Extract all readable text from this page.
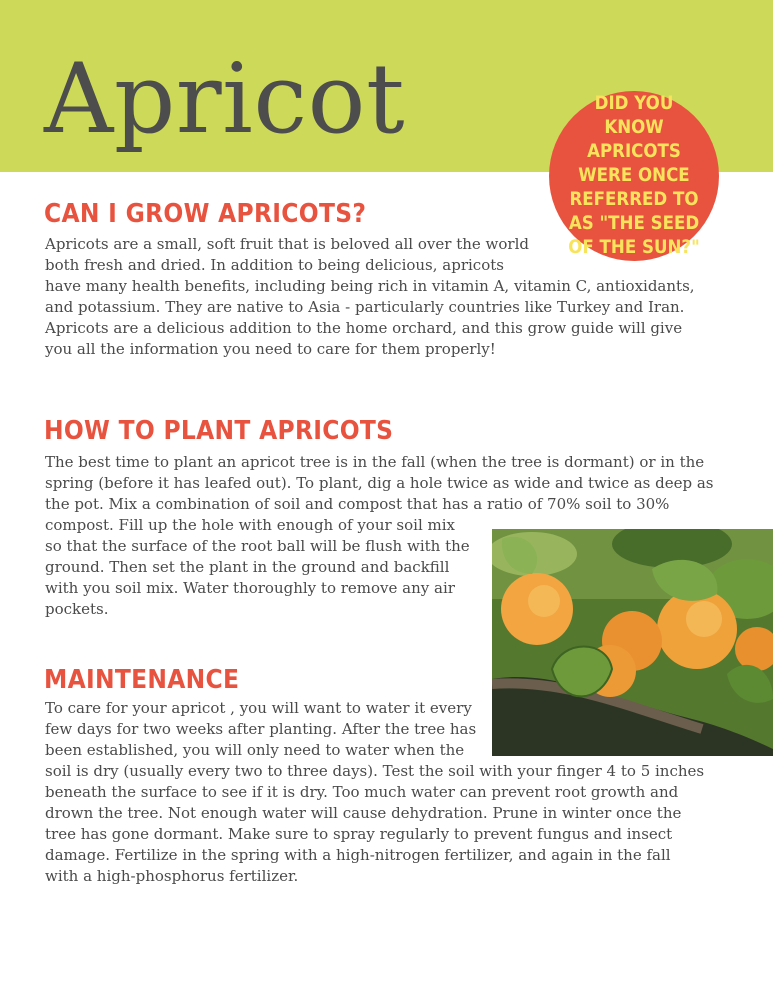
Apricot	DID YOU KNOW APRICOTS WERE ONCE REFERRED TO AS "THE SEED OF THE SUN?"
CAN I GROW APRICOTS?
Apricots are a small, soft fruit that is beloved all over the world
both fresh and dried. In addition to being delicious, apricots
have many health benefits, including being rich in vitamin A, vitamin C, antioxidants,
and potassium. They are native to Asia - particularly countries like Turkey and Iran.
Apricots are a delicious addition to the home orchard, and this grow guide will give
you all the information you need to care for them properly!
HOW TO PLANT APRICOTS
The best time to plant an apricot tree is in the fall (when the tree is dormant) or in the
spring (before it has leafed out). To plant, dig a hole twice as wide and twice as deep as
the pot. Mix a combination of soil and compost that has a ratio of 70% soil to 30%
compost. Fill up the hole with enough of your soil mix
so that the surface of the root ball will be flush with the
ground. Then set the plant in the ground and backfill
with you soil mix. Water thoroughly to remove any air
pockets.
MAINTENANCE
To care for your apricot , you will want to water it every
few days for two weeks after planting. After the tree has
been established, you will only need to water when the
soil is dry (usually every two to three days). Test the soil with your finger 4 to 5 inches
beneath the surface to see if it is dry. Too much water can prevent root growth and
drown the tree. Not enough water will cause dehydration. Prune in winter once the
tree has gone dormant. Make sure to spray regularly to prevent fungus and insect
damage. Fertilize in the spring with a high-nitrogen fertilizer, and again in the fall
with a high-phosphorus fertilizer.
